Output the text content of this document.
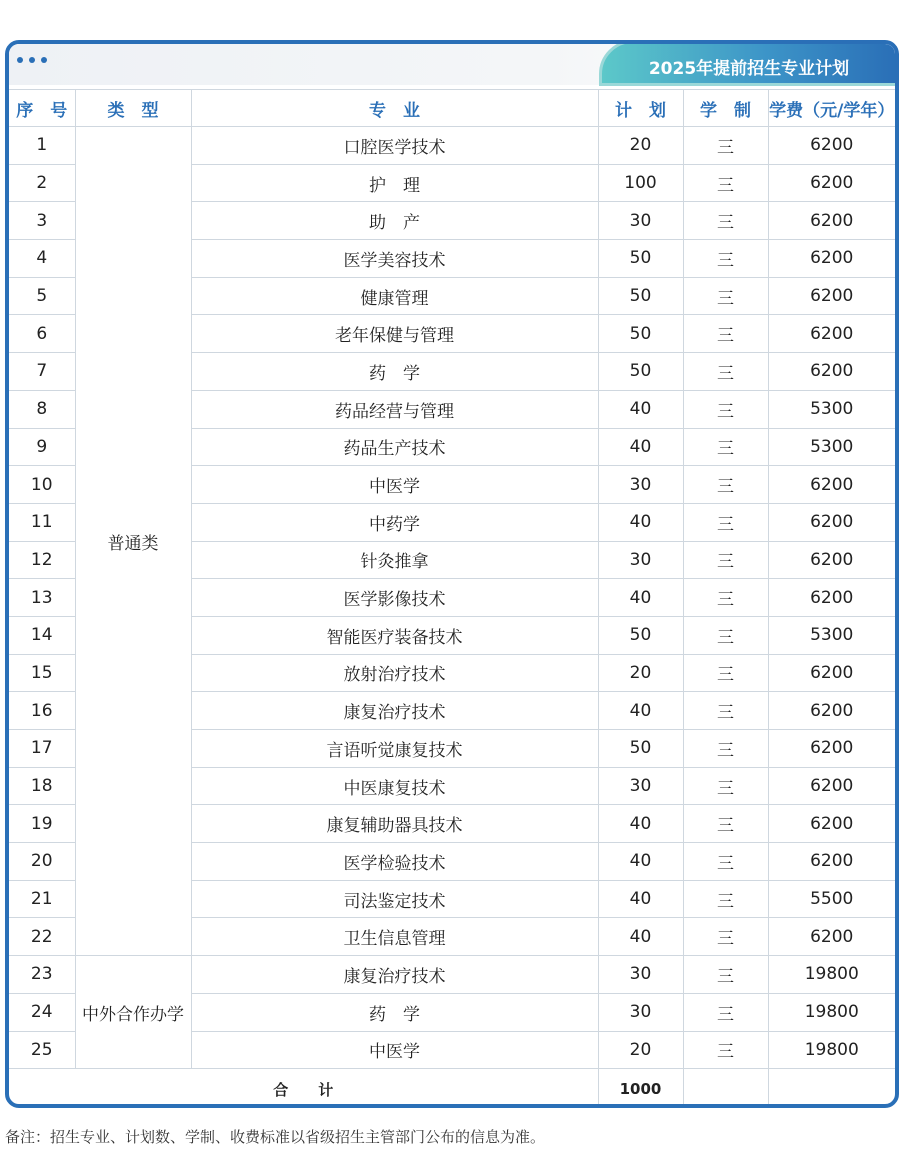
2025年提前招生专业计划
序　号	类　型	专　业	计　划	学　制	学费（元/学年）
1	普通类	口腔医学技术	20	三	6200
2		护　理	100	三	6200
3		助　产	30	三	6200
4		医学美容技术	50	三	6200
5		健康管理	50	三	6200
6		老年保健与管理	50	三	6200
7		药　学	50	三	6200
8		药品经营与管理	40	三	5300
9		药品生产技术	40	三	5300
10		中医学	30	三	6200
11		中药学	40	三	6200
12		针灸推拿	30	三	6200
13		医学影像技术	40	三	6200
14		智能医疗装备技术	50	三	5300
15		放射治疗技术	20	三	6200
16		康复治疗技术	40	三	6200
17		言语听觉康复技术	50	三	6200
18		中医康复技术	30	三	6200
19		康复辅助器具技术	40	三	6200
20		医学检验技术	40	三	6200
21		司法鉴定技术	40	三	5500
22		卫生信息管理	40	三	6200
23	中外合作办学	康复治疗技术	30	三	19800
24		药　学	30	三	19800
25		中医学	20	三	19800
合　　计			1000		
备注：招生专业、计划数、学制、收费标准以省级招生主管部门公布的信息为准。
